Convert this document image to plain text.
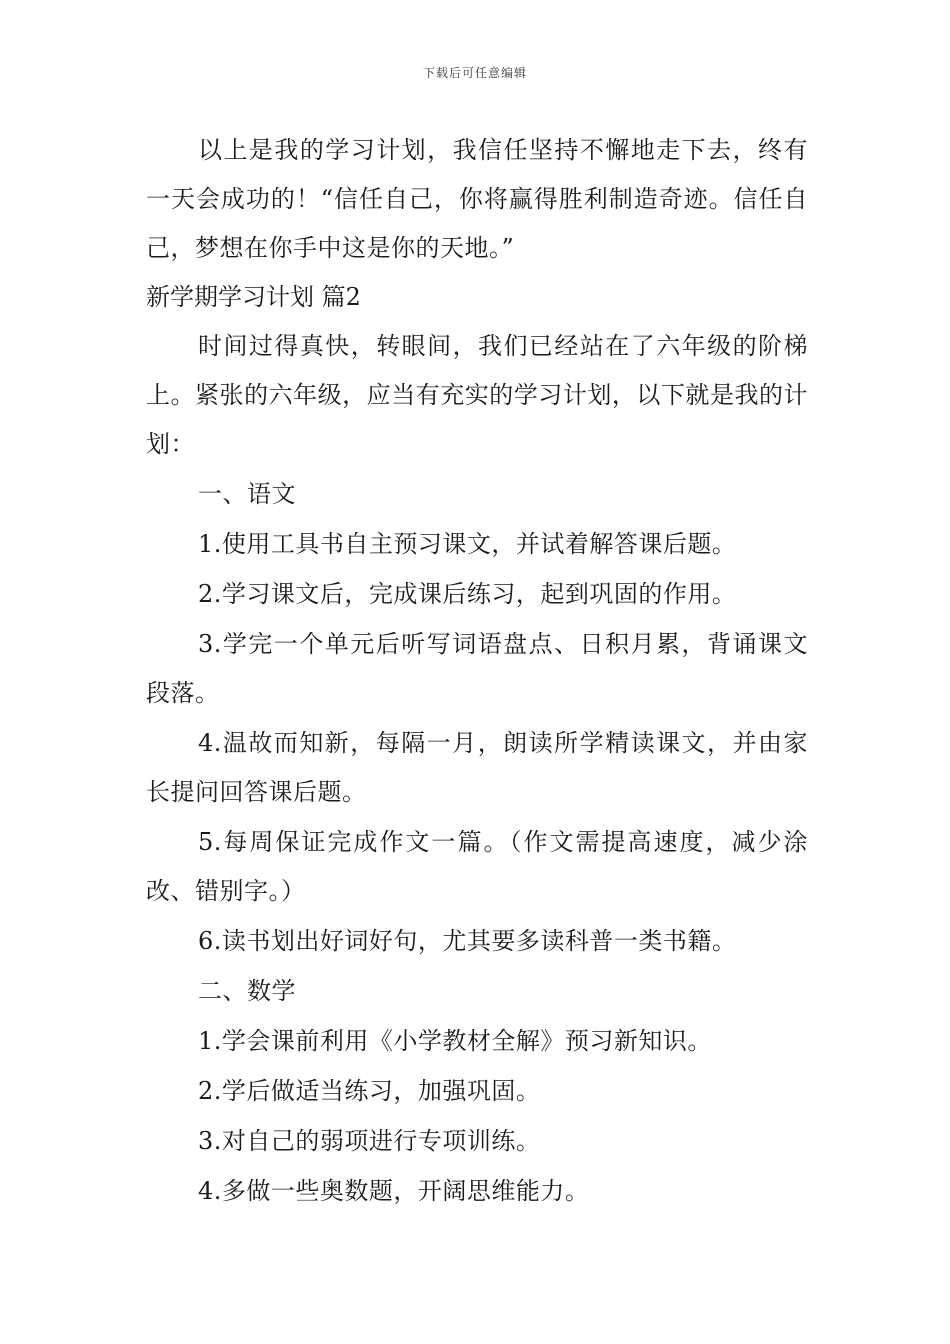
下载后可任意编辑

以上是我的学习计划，我信任坚持不懈地走下去，终有一天会成功的！“信任自己，你将赢得胜利制造奇迹。信任自己，梦想在你手中这是你的天地。”

新学期学习计划 篇2

时间过得真快，转眼间，我们已经站在了六年级的阶梯上。紧张的六年级，应当有充实的学习计划，以下就是我的计划：

一、语文

1.使用工具书自主预习课文，并试着解答课后题。

2.学习课文后，完成课后练习，起到巩固的作用。

3.学完一个单元后听写词语盘点、日积月累，背诵课文段落。

4.温故而知新，每隔一月，朗读所学精读课文，并由家长提问回答课后题。

5.每周保证完成作文一篇。（作文需提高速度，减少涂改、错别字。）

6.读书划出好词好句，尤其要多读科普一类书籍。

二、数学

1.学会课前利用《小学教材全解》预习新知识。

2.学后做适当练习，加强巩固。

3.对自己的弱项进行专项训练。

4.多做一些奥数题，开阔思维能力。
